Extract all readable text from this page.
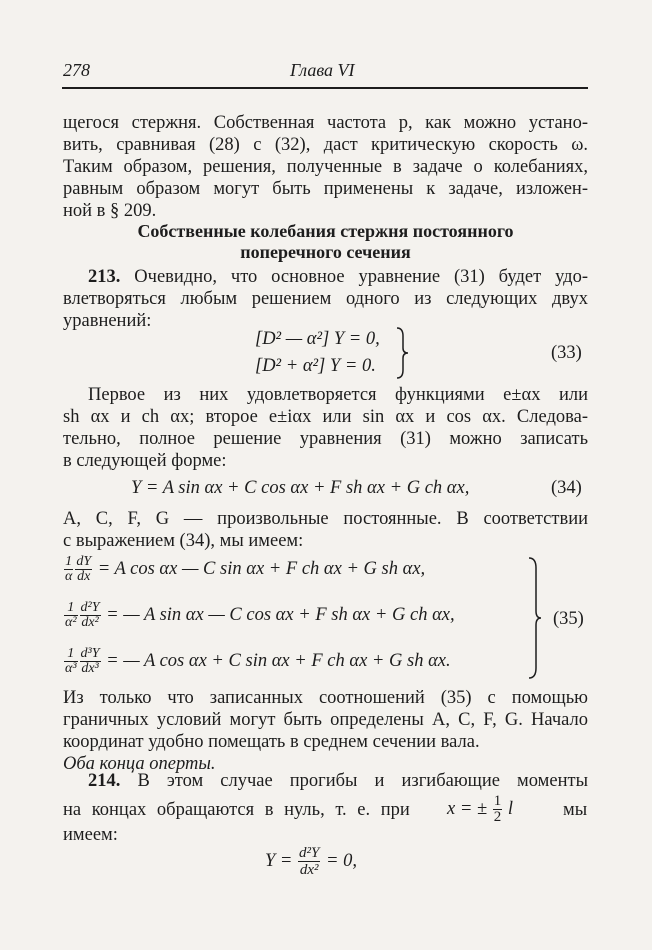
278	Глава VI
щегося стержня. Собственная частота p, как можно устано-
вить, сравнивая (28) с (32), даст критическую скорость ω.
Таким образом, решения, полученные в задаче о колебаниях,
равным образом могут быть применены к задаче, изложен-
ной в § 209.
Собственные колебания стержня постоянного
поперечного сечения
213. Очевидно, что основное уравнение (31) будет удо-
влетворяться любым решением одного из следующих двух
уравнений:
[D² — α²] Y = 0,
[D² + α²] Y = 0.
(33)
Первое из них удовлетворяется функциями e±αx или
sh αx и ch αx; второе e±iαx или sin αx и cos αx. Следова-
тельно, полное решение уравнения (31) можно записать
в следующей форме:
Y = A sin αx + C cos αx + F sh αx + G ch αx,	(34)
A, C, F, G — произвольные постоянные. В соответствии
с выражением (34), мы имеем:
$\frac{1}{\alpha} \frac{dY}{dx} = A$ cos αx — C sin αx + F ch αx + G sh αx,
$\frac{1}{\text{α²}} \frac{\text{d²Y}}{\text{dx²}}$ = — A sin αx — C cos αx + F sh αx + G ch αx,
$\frac{1}{\text{α³}} \frac{\text{d³Y}}{\text{dx³}}$ = — A cos αx + C sin αx + F ch αx + G sh αx.
(35)
Из только что записанных соотношений (35) с помощью
граничных условий могут быть определены A, C, F, G. Начало
координат удобно помещать в среднем сечении вала.
Оба конца оперты.
214. В этом случае прогибы и изгибающие моменты
на концах обращаются в нуль, т. е. при x = ± $\frac{1}{2}$ l	мы
имеем:
$Y = \frac{\text{d²Y}}{\text{dx²}} = 0$,
